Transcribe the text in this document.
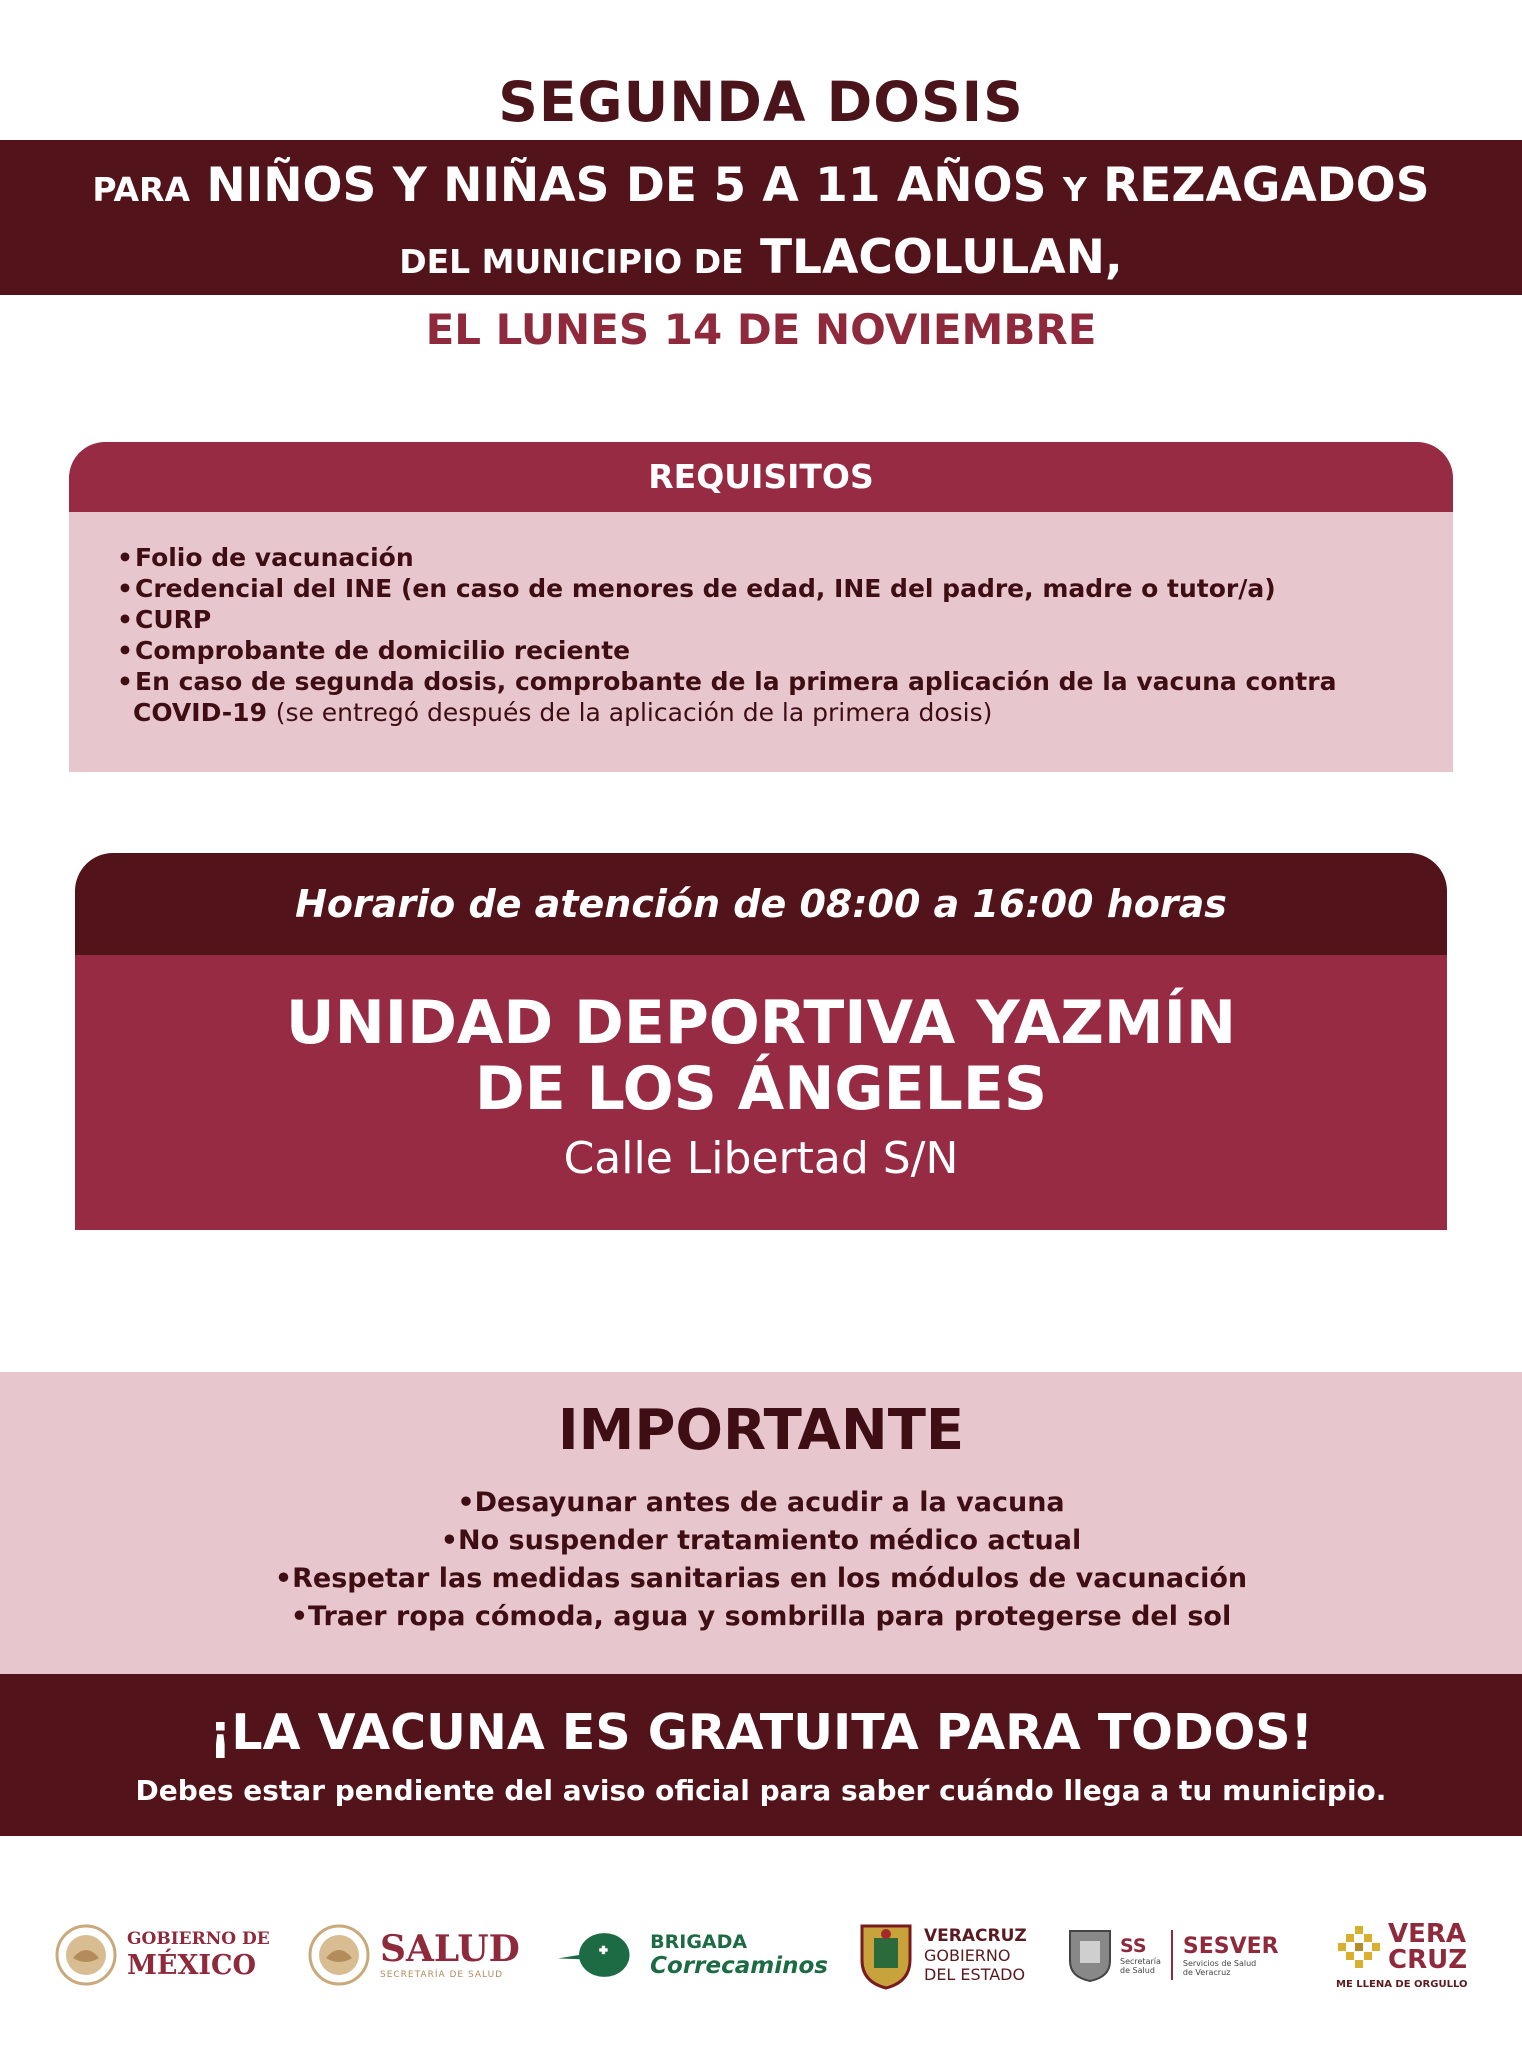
SEGUNDA DOSIS
PARA NIÑOS Y NIÑAS DE 5 A 11 AÑOS Y REZAGADOS
DEL MUNICIPIO DE TLACOLULAN,
EL LUNES 14 DE NOVIEMBRE
REQUISITOS
•Folio de vacunación
•Credencial del INE (en caso de menores de edad, INE del padre, madre o tutor/a)
•CURP
•Comprobante de domicilio reciente
•En caso de segunda dosis, comprobante de la primera aplicación de la vacuna contra
COVID-19 (se entregó después de la aplicación de la primera dosis)
Horario de atención de 08:00 a 16:00 horas
UNIDAD DEPORTIVA YAZMÍN
DE LOS ÁNGELES
Calle Libertad S/N
IMPORTANTE
•Desayunar antes de acudir a la vacuna
•No suspender tratamiento médico actual
•Respetar las medidas sanitarias en los módulos de vacunación
•Traer ropa cómoda, agua y sombrilla para protegerse del sol
¡LA VACUNA ES GRATUITA PARA TODOS!
Debes estar pendiente del aviso oficial para saber cuándo llega a tu municipio.
GOBIERNO DE
MÉXICO	SALUD
SECRETARÍA DE SALUD
BRIGADA
Correcaminos
VERACRUZ
GOBIERNO
DEL ESTADO
SS
Secretaría
de Salud
SESVER
Servicios de Salud
de Veracruz
VERA
CRUZ
ME LLENA DE ORGULLO
